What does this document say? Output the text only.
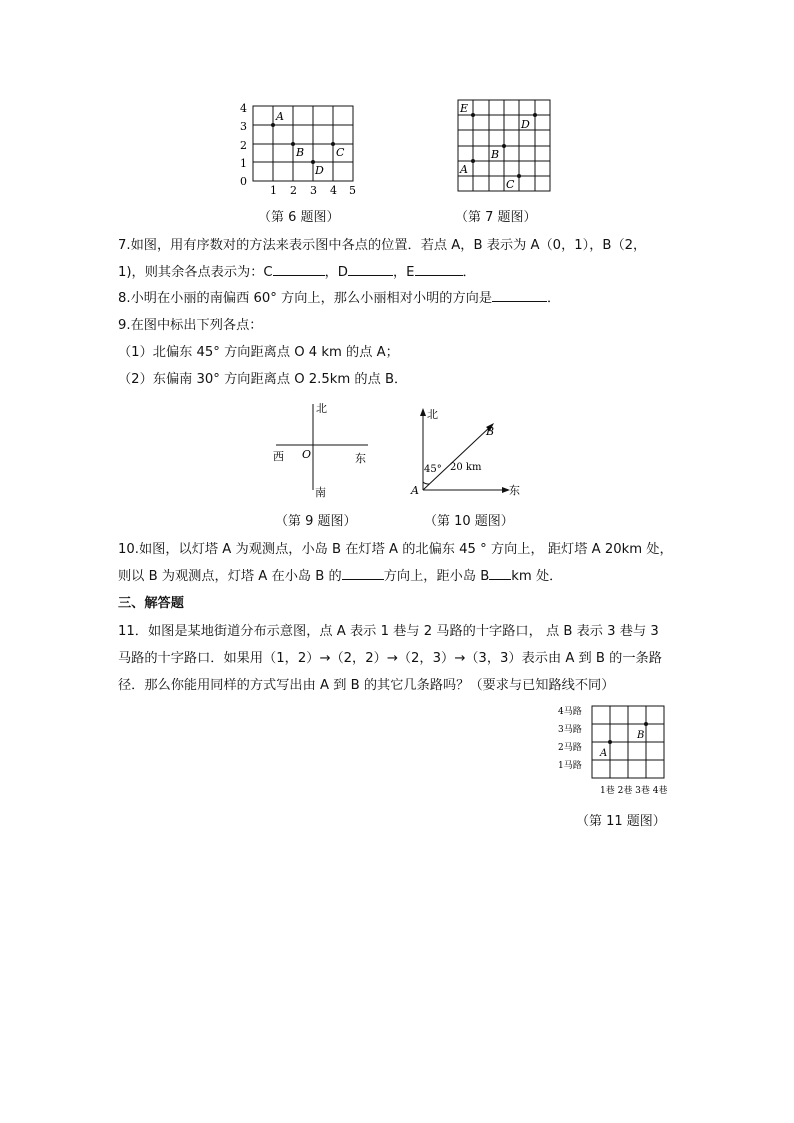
4
3
2
1
0
1 2 3 4 5
A
B	C
D
（第 6 题图）
E
D
B
A
C
（第 7 题图）
7.如图，用有序数对的方法来表示图中各点的位置．若点 A，B 表示为 A（0，1），B（2，
1)，则其余各点表示为：C	，D	，E	．
8.小明在小丽的南偏西 60° 方向上，那么小丽相对小明的方向是	．
9.在图中标出下列各点：
（1）北偏东 45° 方向距离点 O 4 km 的点 A；
（2）东偏南 30° 方向距离点 O 2.5km 的点 B．
北
西	东
O
南
（第 9 题图）
北
东
B
45° 20 km
A
（第 10 题图）
10.如图，以灯塔 A 为观测点，小岛 B 在灯塔 A 的北偏东 45 ° 方向上， 距灯塔 A 20km 处，
则以 B 为观测点，灯塔 A 在小岛 B 的	方向上，距小岛 B km 处．
三、解答题
11．如图是某地街道分布示意图，点 A 表示 1 巷与 2 马路的十字路口， 点 B 表示 3 巷与 3
马路的十字路口．如果用（1，2）→（2，2）→（2，3）→（3，3）表示由 A 到 B 的一条路
径．那么你能用同样的方式写出由 A 到 B 的其它几条路吗？（要求与已知路线不同）
4马路
3马路
2马路
1马路
A
B
1巷 2巷 3巷 4巷
（第 11 题图）
